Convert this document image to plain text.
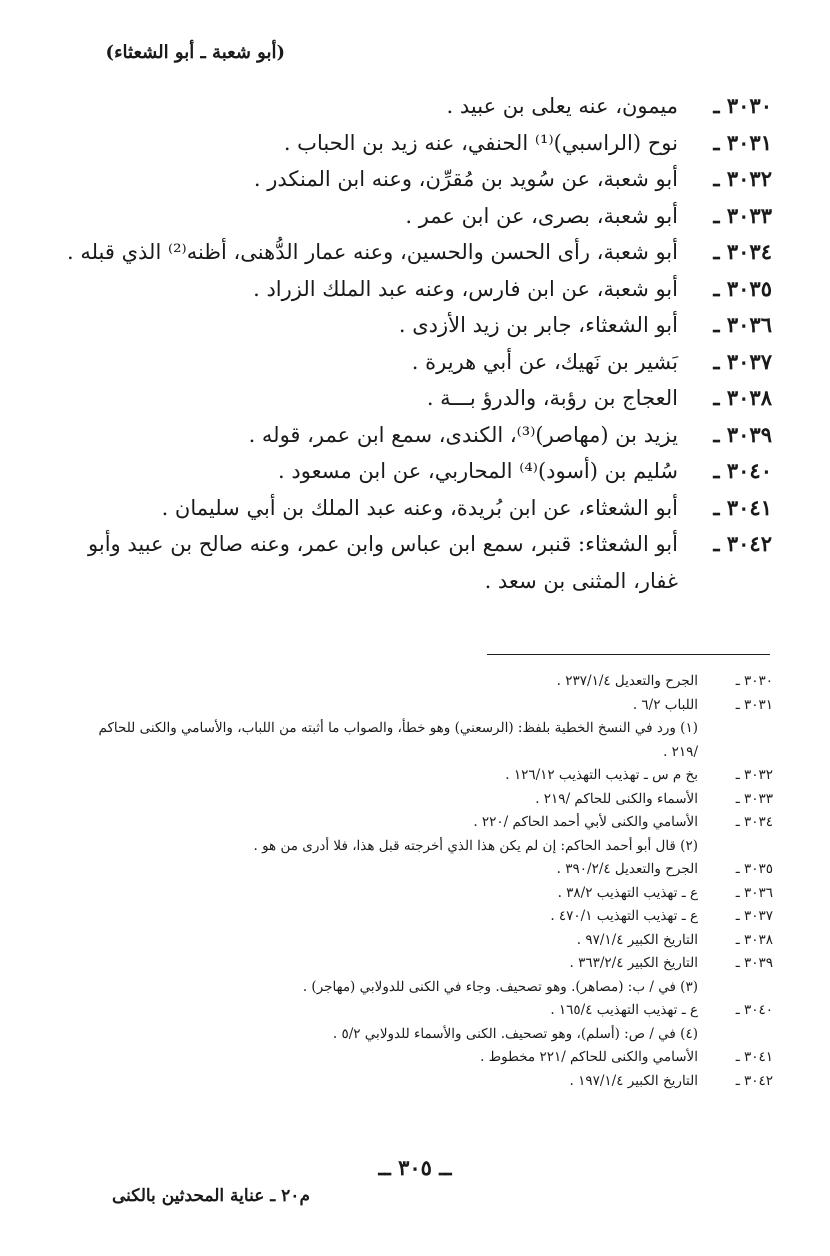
(أبو شعبة ـ أبو الشعثاء)
٣٠٣٠ ـ
ميمون، عنه يعلى بن عبيد .
٣٠٣١ ـ
نوح (الراسبي)⁽¹⁾ الحنفي، عنه زيد بن الحباب .
٣٠٣٢ ـ
أبو شعبة، عن سُويد بن مُقرِّن، وعنه ابن المنكدر .
٣٠٣٣ ـ
أبو شعبة، بصرى، عن ابن عمر .
٣٠٣٤ ـ
أبو شعبة، رأى الحسن والحسين، وعنه عمار الدُّهنى، أظنه⁽²⁾ الذي قبله .
٣٠٣٥ ـ
أبو شعبة، عن ابن فارس، وعنه عبد الملك الزراد .
٣٠٣٦ ـ
أبو الشعثاء، جابر بن زيد الأزدى .
٣٠٣٧ ـ
بَشير بن نَهيك، عن أبي هريرة .
٣٠٣٨ ـ
العجاج بن رؤبة، والدرؤ بـــة .
٣٠٣٩ ـ
يزيد بن (مهاصر)⁽³⁾، الكندى، سمع ابن عمر، قوله .
٣٠٤٠ ـ
سُليم بن (أسود)⁽⁴⁾ المحاربي، عن ابن مسعود .
٣٠٤١ ـ
أبو الشعثاء، عن ابن بُريدة، وعنه عبد الملك بن أبي سليمان .
٣٠٤٢ ـ
أبو الشعثاء: قنبر، سمع ابن عباس وابن عمر، وعنه صالح بن عبيد وأبو غفار، المثنى بن سعد .
٣٠٣٠ ـ
الجرح والتعديل ٢٣٧/١/٤ .
٣٠٣١ ـ
اللباب ٦/٢ .
(١) ورد في النسخ الخطية بلفظ: (الرسعني) وهو خطأ، والصواب ما أثبته من اللباب، والأسامي والكنى للحاكم /٢١٩ .
٣٠٣٢ ـ
بخ م س ـ تهذيب التهذيب ١٢٦/١٢ .
٣٠٣٣ ـ
الأسماء والكنى للحاكم /٢١٩ .
٣٠٣٤ ـ
الأسامي والكنى لأبي أحمد الحاكم /٢٢٠ .
(٢) قال أبو أحمد الحاكم: إن لم يكن هذا الذي أخرجته قبل هذا، فلا أدرى من هو .
٣٠٣٥ ـ
الجرح والتعديل ٣٩٠/٢/٤ .
٣٠٣٦ ـ
ع ـ تهذيب التهذيب ٣٨/٢ .
٣٠٣٧ ـ
ع ـ تهذيب التهذيب ٤٧٠/١ .
٣٠٣٨ ـ
التاريخ الكبير ٩٧/١/٤ .
٣٠٣٩ ـ
التاريخ الكبير ٣٦٣/٢/٤ .
(٣) في / ب: (مصاهر). وهو تصحيف. وجاء في الكنى للدولابي (مهاجر) .
٣٠٤٠ ـ
ع ـ تهذيب التهذيب ١٦٥/٤ .
(٤) في / ص: (أسلم)، وهو تصحيف. الكنى والأسماء للدولابي ٥/٢ .
٣٠٤١ ـ
الأسامي والكنى للحاكم /٢٢١ مخطوط .
٣٠٤٢ ـ
التاريخ الكبير ١٩٧/١/٤ .
ــ ٣٠٥ ــ
م٢٠ ـ عناية المحدثين بالكنى
